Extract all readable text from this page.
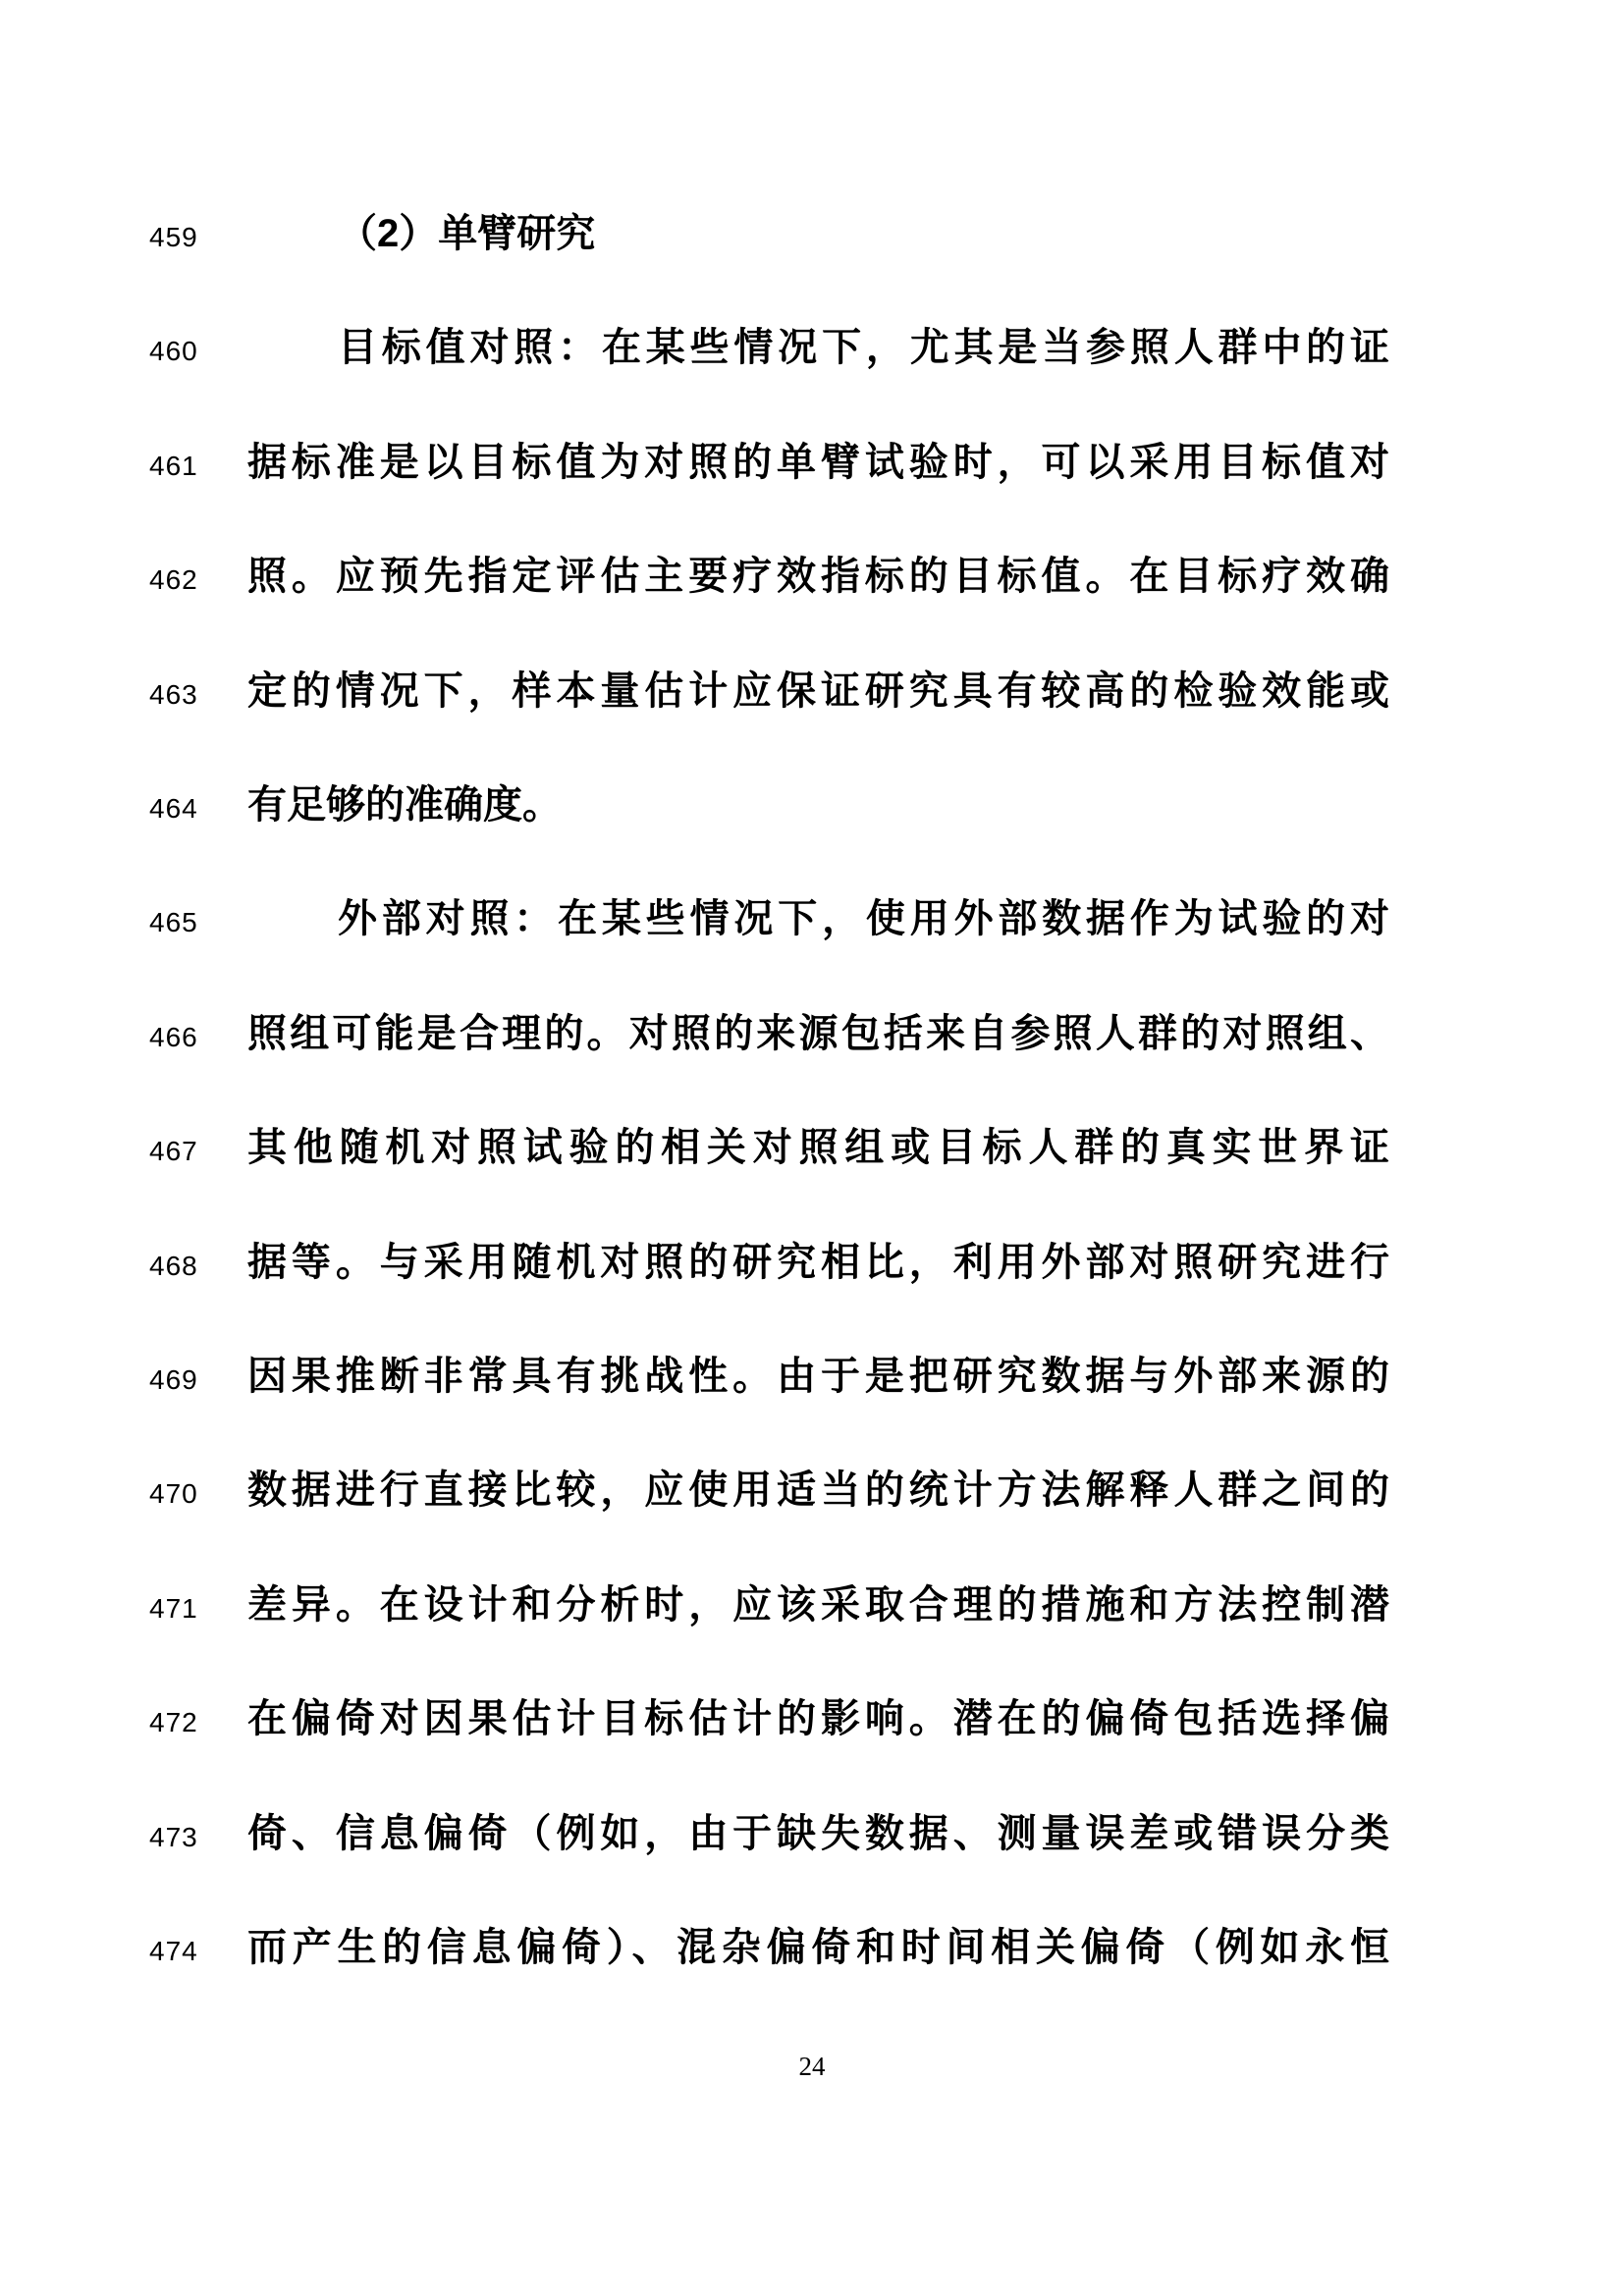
459	（2）单臂研究
460	目标值对照：在某些情况下，尤其是当参照人群中的证
461	据标准是以目标值为对照的单臂试验时，可以采用目标值对
462	照。应预先指定评估主要疗效指标的目标值。在目标疗效确
463	定的情况下，样本量估计应保证研究具有较高的检验效能或
464	有足够的准确度。
465	外部对照：在某些情况下，使用外部数据作为试验的对
466	照组可能是合理的。对照的来源包括来自参照人群的对照组、
467	其他随机对照试验的相关对照组或目标人群的真实世界证
468	据等。与采用随机对照的研究相比，利用外部对照研究进行
469	因果推断非常具有挑战性。由于是把研究数据与外部来源的
470	数据进行直接比较，应使用适当的统计方法解释人群之间的
471	差异。在设计和分析时，应该采取合理的措施和方法控制潜
472	在偏倚对因果估计目标估计的影响。潜在的偏倚包括选择偏
473	倚、信息偏倚（例如，由于缺失数据、测量误差或错误分类
474	而产生的信息偏倚）、混杂偏倚和时间相关偏倚（例如永恒
24
